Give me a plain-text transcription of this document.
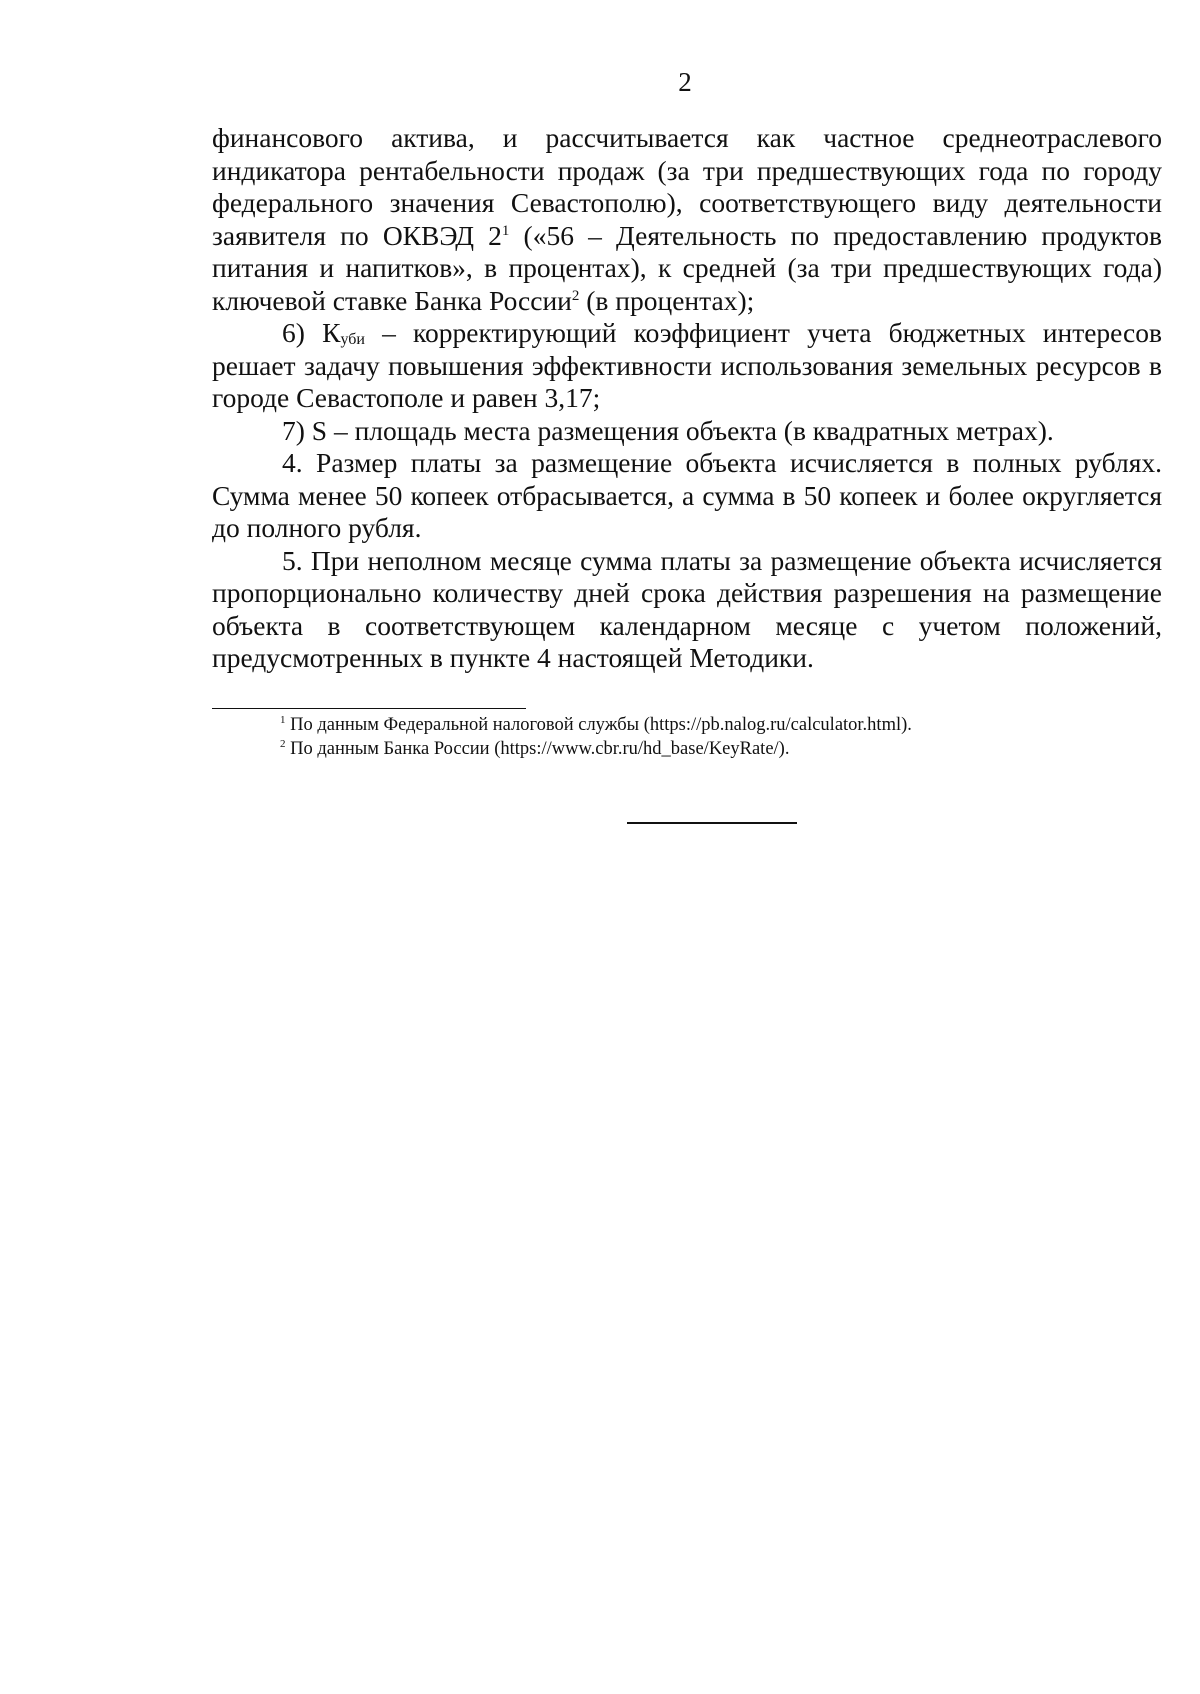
2

финансового актива, и рассчитывается как частное среднеотраслевого индикатора рентабельности продаж (за три предшествующих года по городу федерального значения Севастополю), соответствующего виду деятельности заявителя по ОКВЭД $2^1$ («56 – Деятельность по предоставлению продуктов питания и напитков», в процентах), к средней (за три предшествующих года) ключевой ставке Банка России$^2$ (в процентах);

6) $К_{уби}$ – корректирующий коэффициент учета бюджетных интересов решает задачу повышения эффективности использования земельных ресурсов в городе Севастополе и равен 3,17;

7) S – площадь места размещения объекта (в квадратных метрах).

4. Размер платы за размещение объекта исчисляется в полных рублях. Сумма менее 50 копеек отбрасывается, а сумма в 50 копеек и более округляется до полного рубля.

5. При неполном месяце сумма платы за размещение объекта исчисляется пропорционально количеству дней срока действия разрешения на размещение объекта в соответствующем календарном месяце с учетом положений, предусмотренных в пункте 4 настоящей Методики.

$^1$ По данным Федеральной налоговой службы (https://pb.nalog.ru/calculator.html).

$^2$ По данным Банка России (https://www.cbr.ru/hd_base/KeyRate/).
